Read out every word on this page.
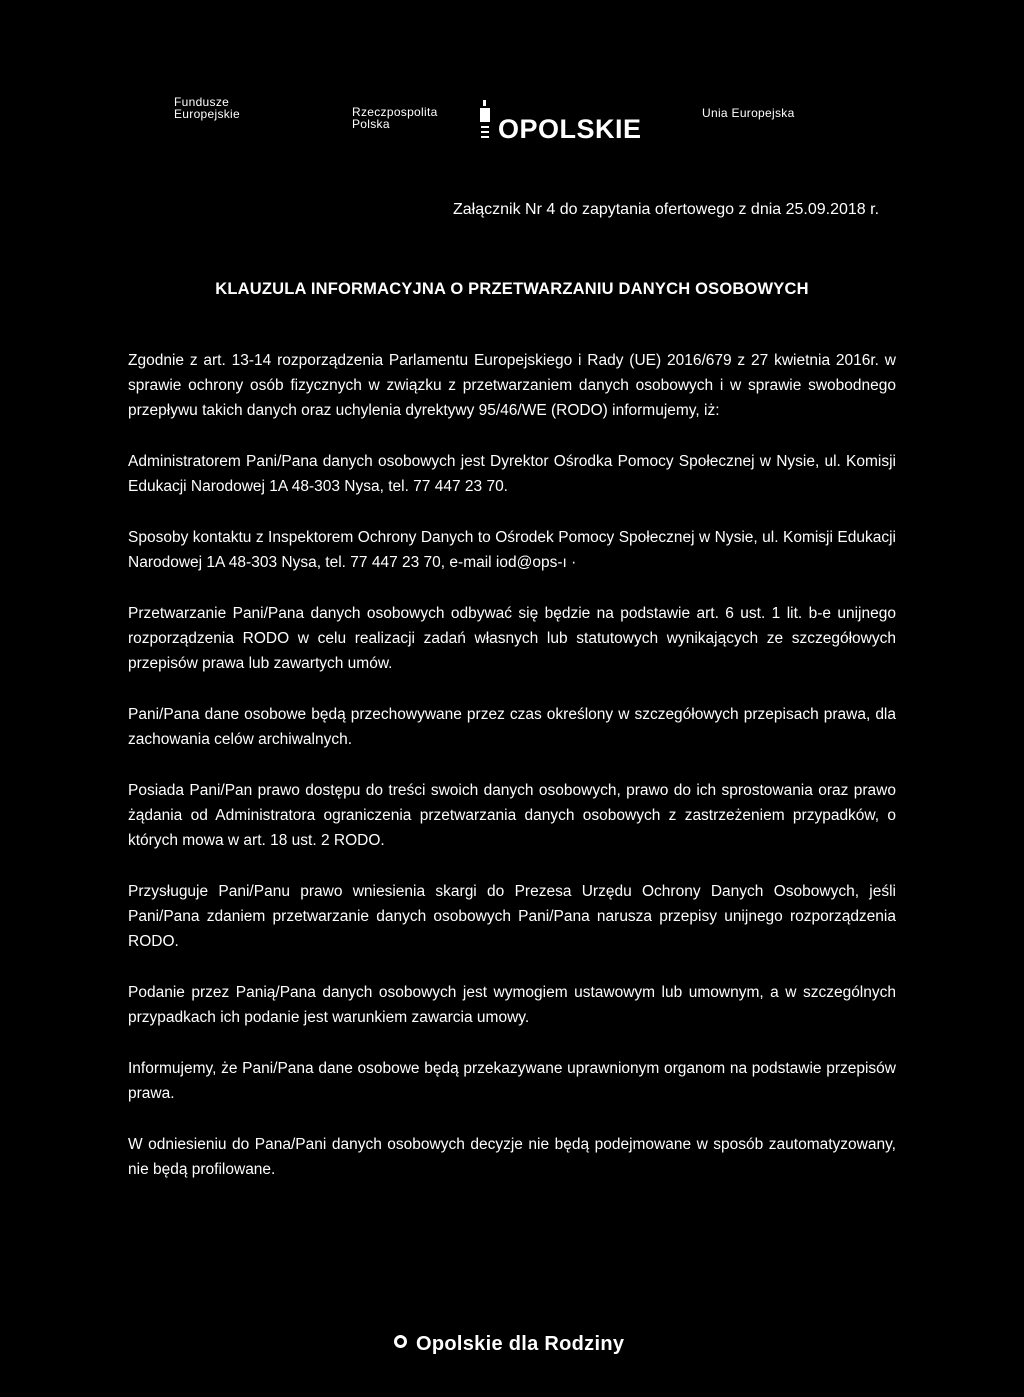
Fundusze
Europejskie	Rzeczpospolita
Polska	OPOLSKIE
Unia Europejska
Załącznik Nr 4 do zapytania ofertowego z dnia 25.09.2018 r.
KLAUZULA INFORMACYJNA O PRZETWARZANIU DANYCH OSOBOWYCH

Zgodnie z art. 13-14 rozporządzenia Parlamentu Europejskiego i Rady (UE) 2016/679 z 27 kwietnia 2016r. w sprawie ochrony osób fizycznych w związku z przetwarzaniem danych osobowych i w sprawie swobodnego przepływu takich danych oraz uchylenia dyrektywy 95/46/WE (RODO) informujemy, iż:

Administratorem Pani/Pana danych osobowych jest Dyrektor Ośrodka Pomocy Społecznej w Nysie, ul. Komisji Edukacji Narodowej 1A 48-303 Nysa, tel. 77 447 23 70.

Sposoby kontaktu z Inspektorem Ochrony Danych to Ośrodek Pomocy Społecznej w Nysie, ul. Komisji Edukacji Narodowej 1A 48-303 Nysa, tel. 77 447 23 70, e-mail iod@ops-ı ·

Przetwarzanie Pani/Pana danych osobowych odbywać się będzie na podstawie art. 6 ust. 1 lit. b-e unijnego rozporządzenia RODO w celu realizacji zadań własnych lub statutowych wynikających ze szczegółowych przepisów prawa lub zawartych umów.

Pani/Pana dane osobowe będą przechowywane przez czas określony w szczegółowych przepisach prawa, dla zachowania celów archiwalnych.

Posiada Pani/Pan prawo dostępu do treści swoich danych osobowych, prawo do ich sprostowania oraz prawo żądania od Administratora ograniczenia przetwarzania danych osobowych z zastrzeżeniem przypadków, o których mowa w art. 18 ust. 2 RODO.

Przysługuje Pani/Panu prawo wniesienia skargi do Prezesa Urzędu Ochrony Danych Osobowych, jeśli Pani/Pana zdaniem przetwarzanie danych osobowych Pani/Pana narusza przepisy unijnego rozporządzenia RODO.

Podanie przez Panią/Pana danych osobowych jest wymogiem ustawowym lub umownym, a w szczególnych przypadkach ich podanie jest warunkiem zawarcia umowy.

Informujemy, że Pani/Pana dane osobowe będą przekazywane uprawnionym organom na podstawie przepisów prawa.

W odniesieniu do Pana/Pani danych osobowych decyzje nie będą podejmowane w sposób zautomatyzowany, nie będą profilowane.

Opolskie dla Rodziny
